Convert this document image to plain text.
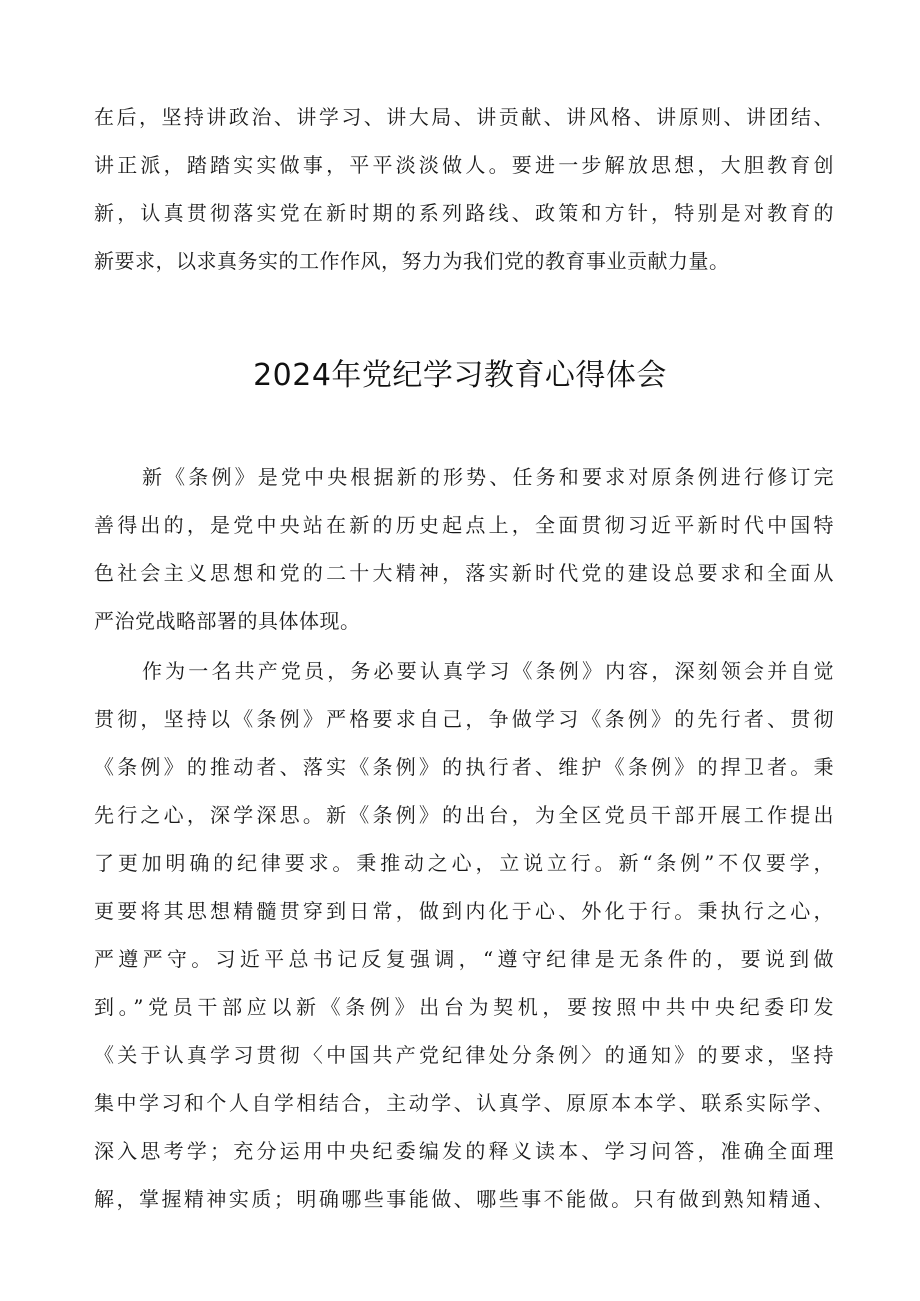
在后，坚持讲政治、讲学习、讲大局、讲贡献、讲风格、讲原则、讲团结、
讲正派，踏踏实实做事，平平淡淡做人。要进一步解放思想，大胆教育创
新，认真贯彻落实党在新时期的系列路线、政策和方针，特别是对教育的
新要求，以求真务实的工作作风，努力为我们党的教育事业贡献力量。
2024年党纪学习教育心得体会
新《条例》是党中央根据新的形势、任务和要求对原条例进行修订完
善得出的，是党中央站在新的历史起点上，全面贯彻习近平新时代中国特
色社会主义思想和党的二十大精神，落实新时代党的建设总要求和全面从
严治党战略部署的具体体现。
作为一名共产党员，务必要认真学习《条例》内容，深刻领会并自觉
贯彻，坚持以《条例》严格要求自己，争做学习《条例》的先行者、贯彻
《条例》的推动者、落实《条例》的执行者、维护《条例》的捍卫者。秉
先行之心，深学深思。新《条例》的出台，为全区党员干部开展工作提出
了更加明确的纪律要求。秉推动之心，立说立行。新“条例”不仅要学，
更要将其思想精髓贯穿到日常，做到内化于心、外化于行。秉执行之心，
严遵严守。习近平总书记反复强调，“遵守纪律是无条件的，要说到做
到。”党员干部应以新《条例》出台为契机，要按照中共中央纪委印发
《关于认真学习贯彻〈中国共产党纪律处分条例〉的通知》的要求，坚持
集中学习和个人自学相结合，主动学、认真学、原原本本学、联系实际学、
深入思考学；充分运用中央纪委编发的释义读本、学习问答，准确全面理
解，掌握精神实质；明确哪些事能做、哪些事不能做。只有做到熟知精通、
